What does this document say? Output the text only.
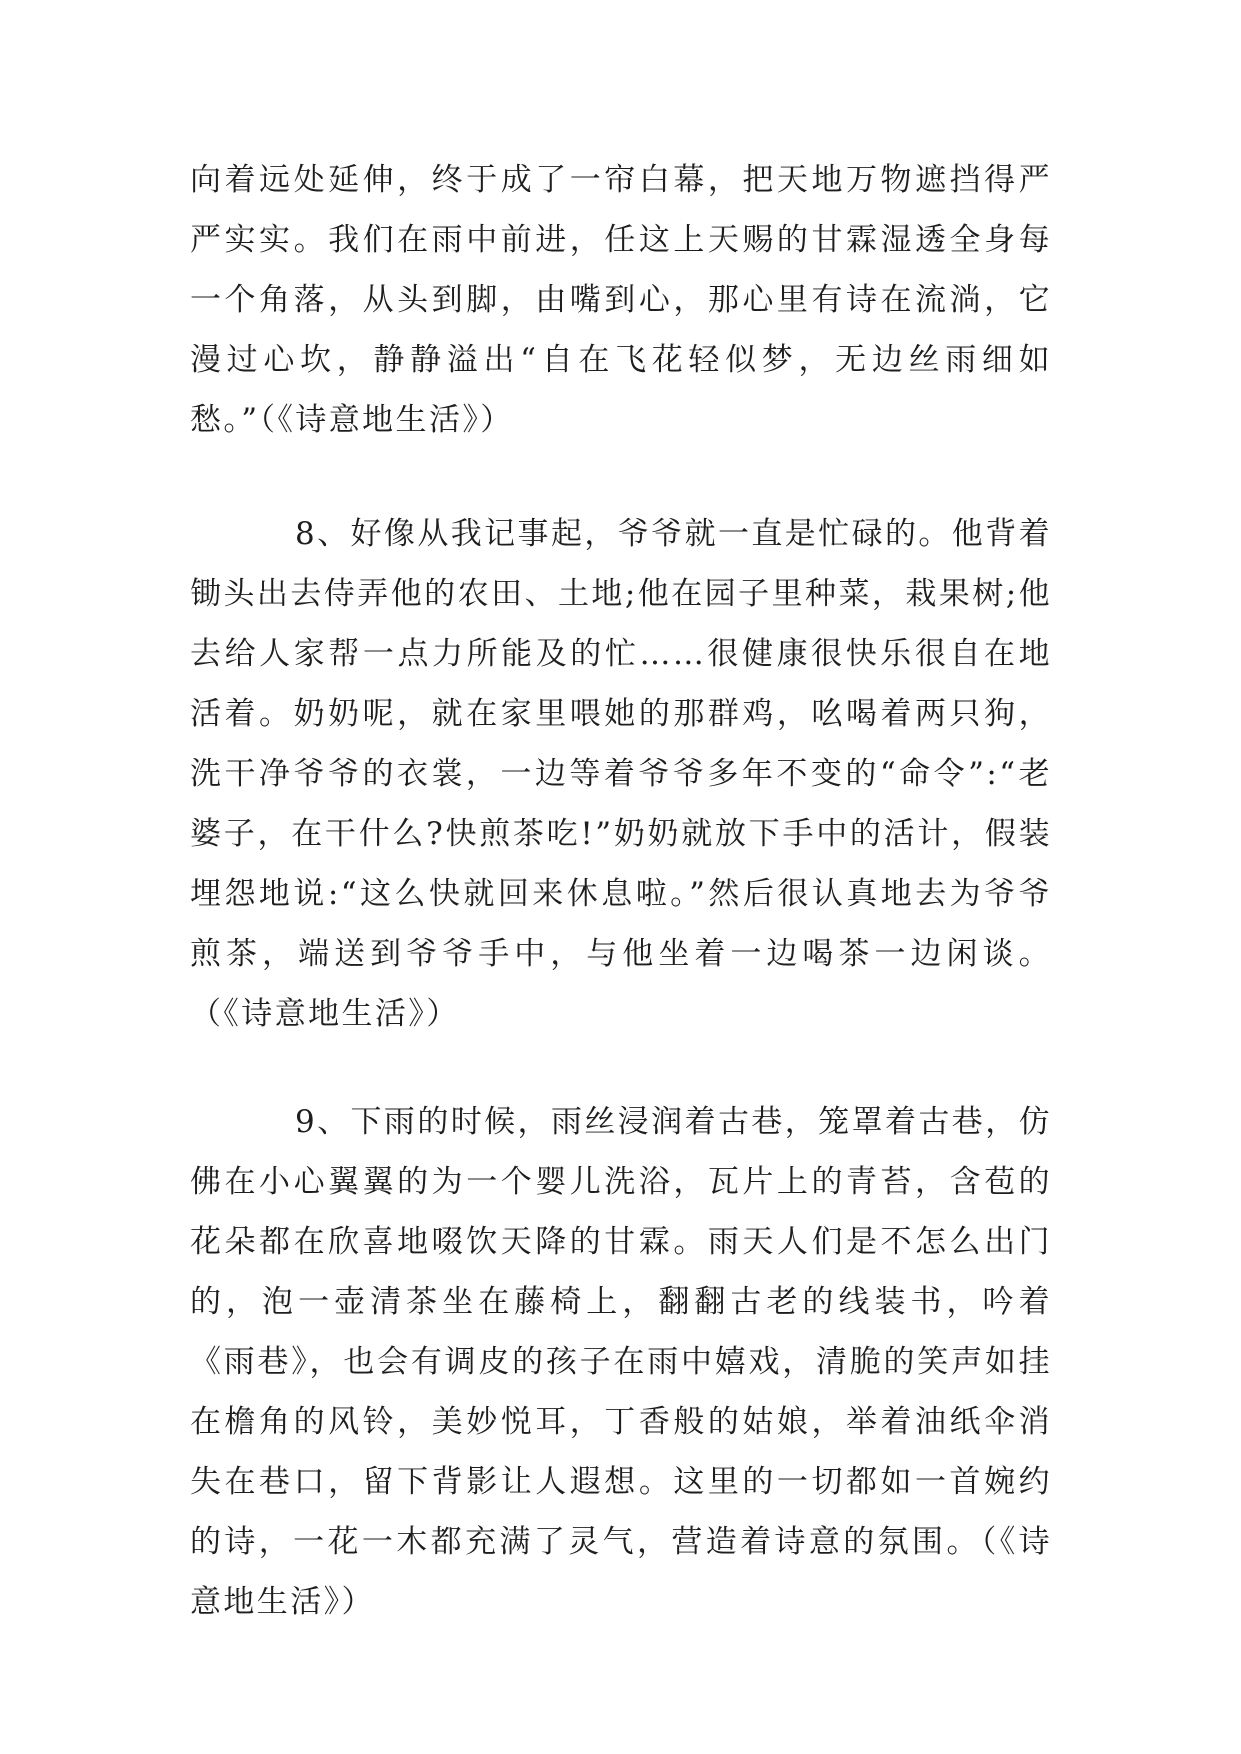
向着远处延伸，终于成了一帘白幕，把天地万物遮挡得严严实实。我们在雨中前进，任这上天赐的甘霖湿透全身每一个角落，从头到脚，由嘴到心，那心里有诗在流淌，它漫过心坎，静静溢出“自在飞花轻似梦，无边丝雨细如愁。”（《诗意地生活》）

8、好像从我记事起，爷爷就一直是忙碌的。他背着锄头出去侍弄他的农田、土地;他在园子里种菜，栽果树;他去给人家帮一点力所能及的忙……很健康很快乐很自在地活着。奶奶呢，就在家里喂她的那群鸡，吆喝着两只狗，洗干净爷爷的衣裳，一边等着爷爷多年不变的“命令”:“老婆子，在干什么?快煎茶吃!”奶奶就放下手中的活计，假装埋怨地说:“这么快就回来休息啦。”然后很认真地去为爷爷煎茶，端送到爷爷手中，与他坐着一边喝茶一边闲谈。（《诗意地生活》）

9、下雨的时候，雨丝浸润着古巷，笼罩着古巷，仿佛在小心翼翼的为一个婴儿洗浴，瓦片上的青苔，含苞的花朵都在欣喜地啜饮天降的甘霖。雨天人们是不怎么出门的，泡一壶清茶坐在藤椅上，翻翻古老的线装书，吟着《雨巷》，也会有调皮的孩子在雨中嬉戏，清脆的笑声如挂在檐角的风铃，美妙悦耳，丁香般的姑娘，举着油纸伞消失在巷口，留下背影让人遐想。这里的一切都如一首婉约的诗，一花一木都充满了灵气，营造着诗意的氛围。（《诗意地生活》）
